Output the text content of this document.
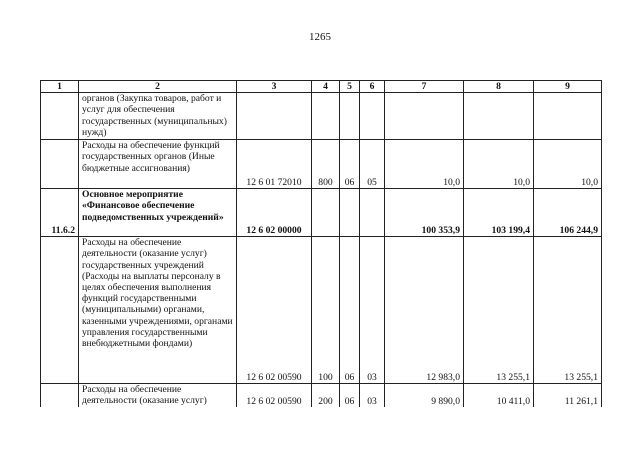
1265
1	2	3	4	5	6	7	8	9
	органов (Закупка товаров, работ и услуг для обеспечения государственных (муниципальных) нужд)							
	Расходы на обеспечение функций государственных органов (Иные бюджетные ассигнования)	12 6 01 72010	800	06	05	10,0	10,0	10,0
11.6.2	Основное мероприятие «Финансовое обеспечение подведомственных учреждений»	12 6 02 00000				100 353,9	103 199,4	106 244,9
	Расходы на обеспечение деятельности (оказание услуг) государственных учреждений (Расходы на выплаты персоналу в целях обеспечения выполнения функций государственными (муниципальными) органами, казенными учреждениями, органами управления государственными внебюджетными фондами)	12 6 02 00590	100	06	03	12 983,0	13 255,1	13 255,1
	Расходы на обеспечение деятельности (оказание услуг)	12 6 02 00590	200	06	03	9 890,0	10 411,0	11 261,1
